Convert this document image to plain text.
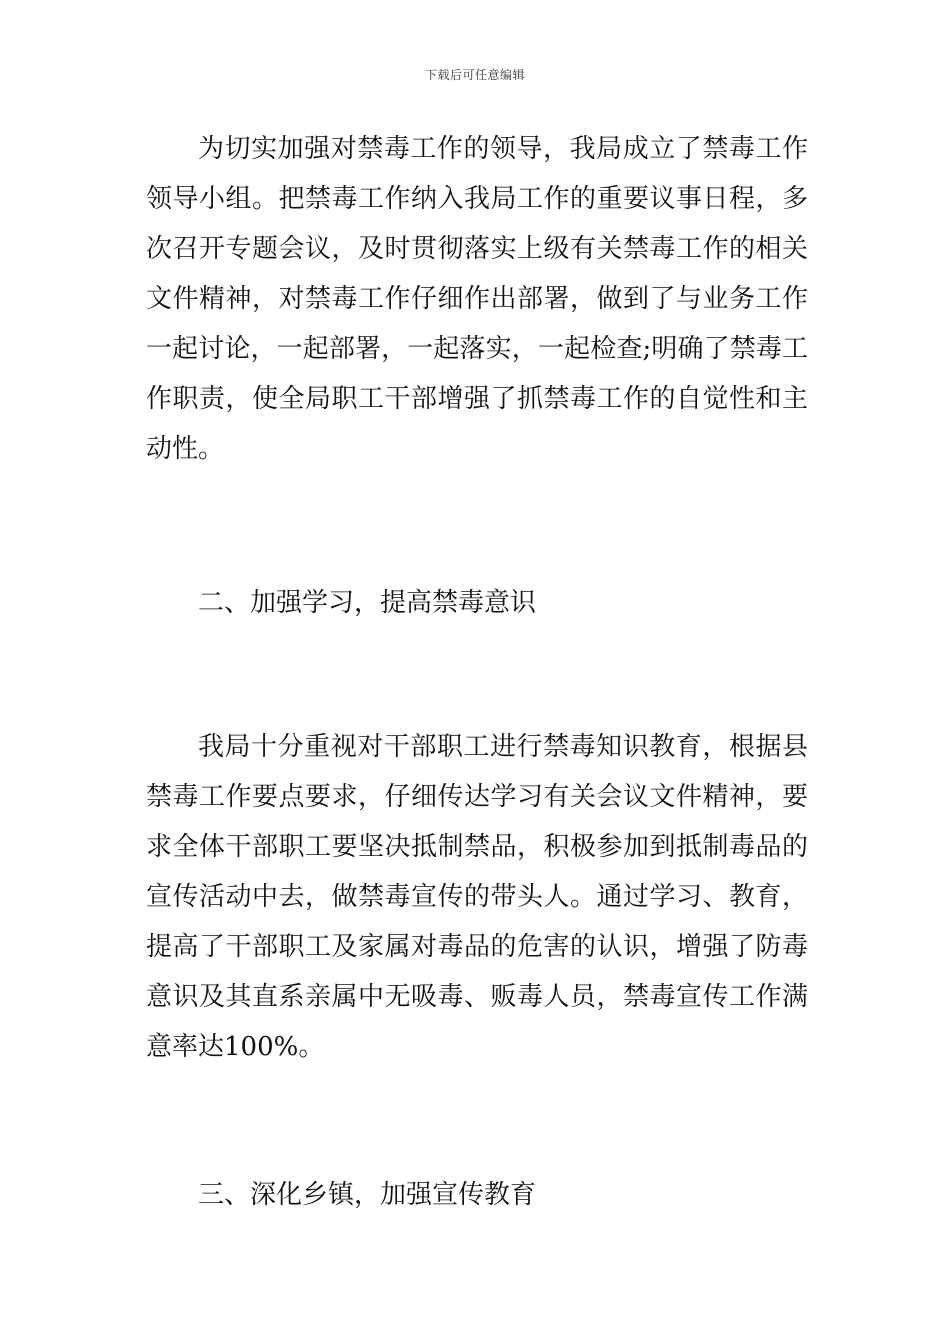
下载后可任意编辑

为切实加强对禁毒工作的领导，我局成立了禁毒工作领导小组。把禁毒工作纳入我局工作的重要议事日程，多次召开专题会议，及时贯彻落实上级有关禁毒工作的相关文件精神，对禁毒工作仔细作出部署，做到了与业务工作一起讨论，一起部署，一起落实，一起检查;明确了禁毒工作职责，使全局职工干部增强了抓禁毒工作的自觉性和主动性。

二、加强学习，提高禁毒意识

我局十分重视对干部职工进行禁毒知识教育，根据县禁毒工作要点要求，仔细传达学习有关会议文件精神，要求全体干部职工要坚决抵制禁品，积极参加到抵制毒品的宣传活动中去，做禁毒宣传的带头人。通过学习、教育，提高了干部职工及家属对毒品的危害的认识，增强了防毒意识及其直系亲属中无吸毒、贩毒人员，禁毒宣传工作满意率达100%。

三、深化乡镇，加强宣传教育
